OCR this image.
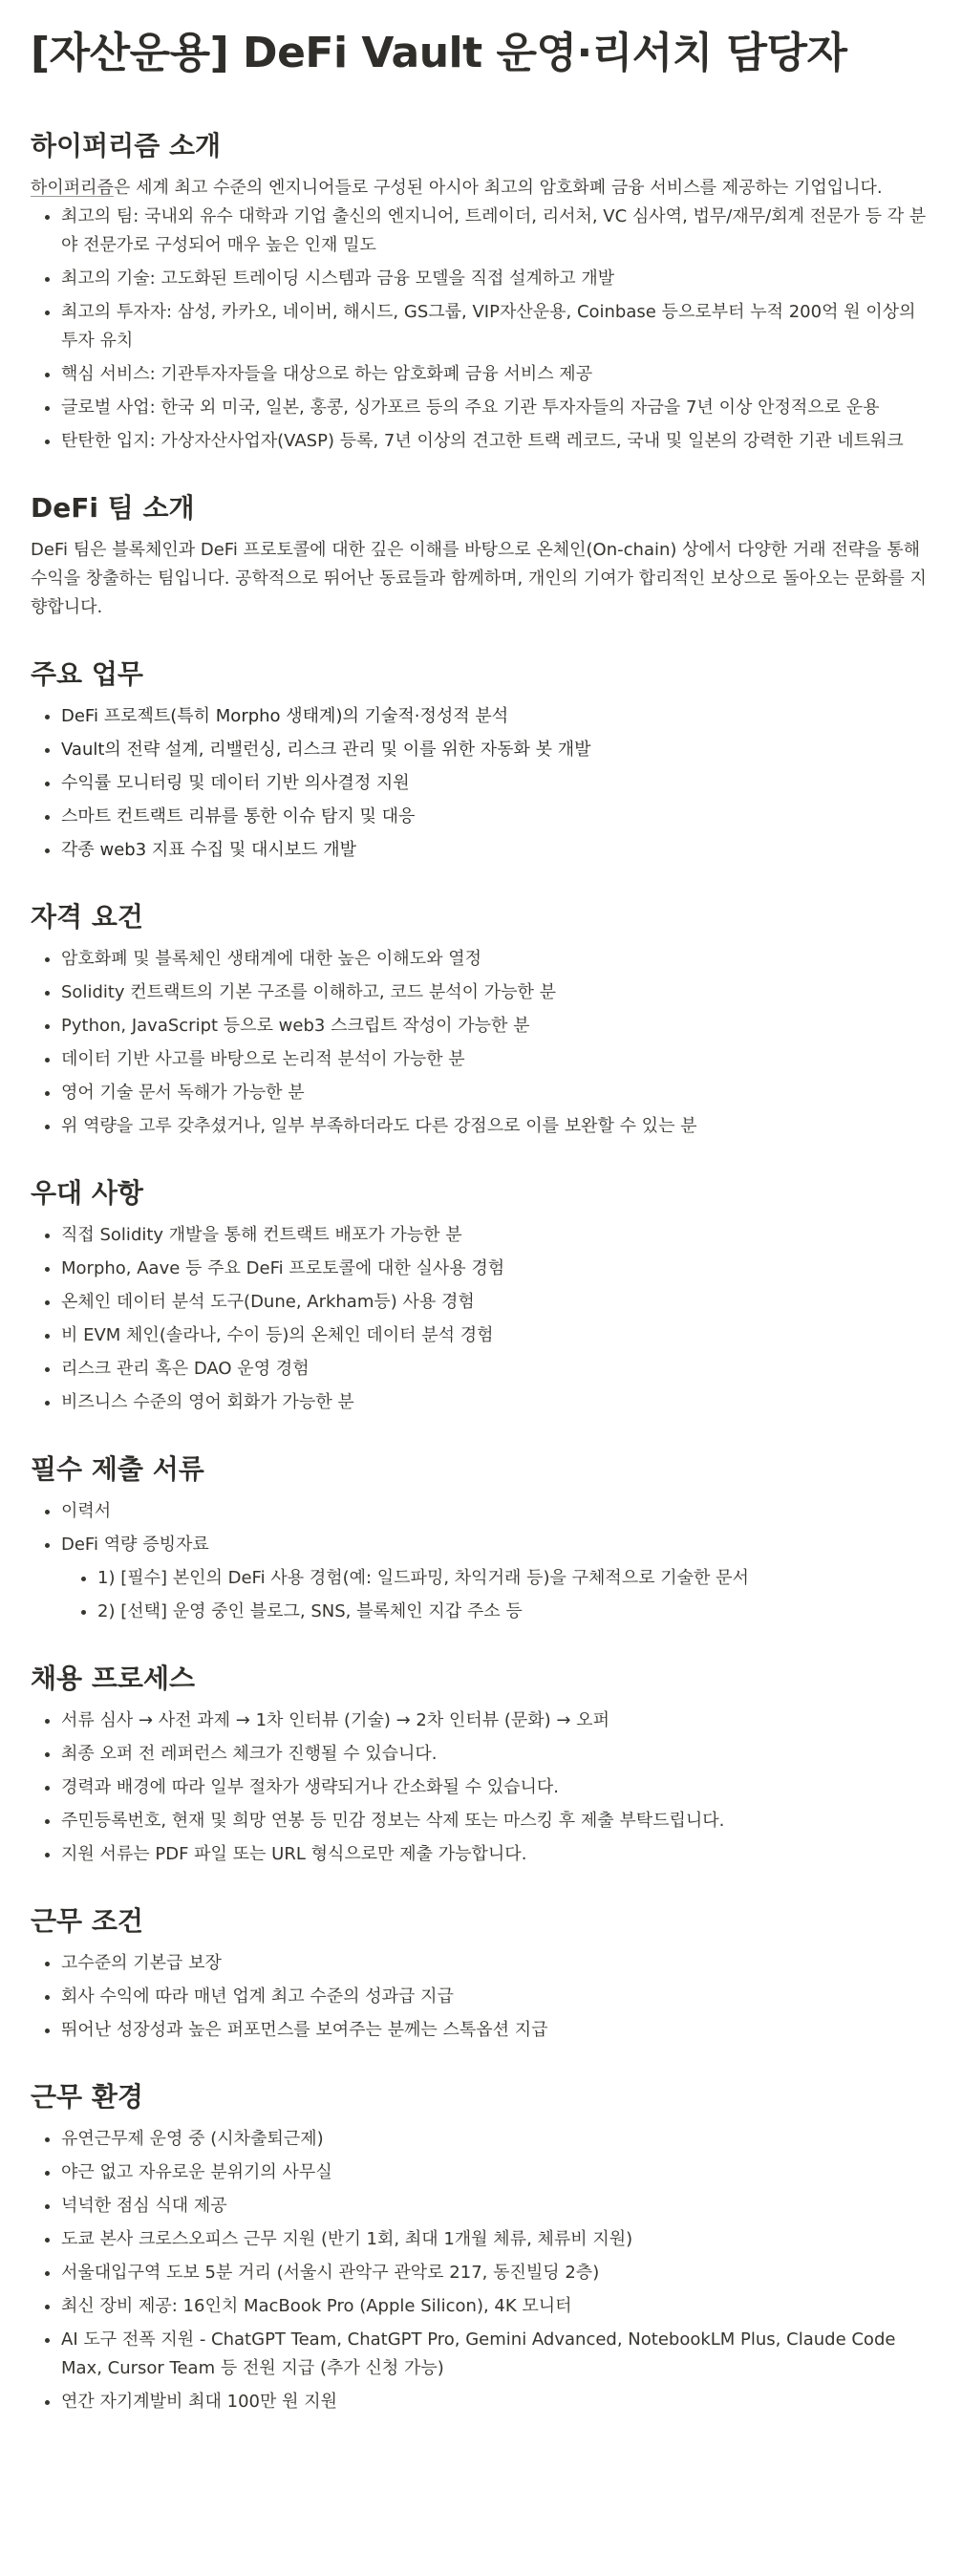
[자산운용] DeFi Vault 운영·리서치 담당자
하이퍼리즘 소개

하이퍼리즘은 세계 최고 수준의 엔지니어들로 구성된 아시아 최고의 암호화폐 금융 서비스를 제공하는 기업입니다.

최고의 팀: 국내외 유수 대학과 기업 출신의 엔지니어, 트레이더, 리서처, VC 심사역, 법무/재무/회계 전문가 등 각 분야 전문가로 구성되어 매우 높은 인재 밀도
최고의 기술: 고도화된 트레이딩 시스템과 금융 모델을 직접 설계하고 개발
최고의 투자자: 삼성, 카카오, 네이버, 해시드, GS그룹, VIP자산운용, Coinbase 등으로부터 누적 200억 원 이상의 투자 유치
핵심 서비스: 기관투자자들을 대상으로 하는 암호화폐 금융 서비스 제공
글로벌 사업: 한국 외 미국, 일본, 홍콩, 싱가포르 등의 주요 기관 투자자들의 자금을 7년 이상 안정적으로 운용
탄탄한 입지: 가상자산사업자(VASP) 등록, 7년 이상의 견고한 트랙 레코드, 국내 및 일본의 강력한 기관 네트워크
DeFi 팀 소개

DeFi 팀은 블록체인과 DeFi 프로토콜에 대한 깊은 이해를 바탕으로 온체인(On-chain) 상에서 다양한 거래 전략을 통해 수익을 창출하는 팀입니다. 공학적으로 뛰어난 동료들과 함께하며, 개인의 기여가 합리적인 보상으로 돌아오는 문화를 지향합니다.

주요 업무
DeFi 프로젝트(특히 Morpho 생태계)의 기술적·정성적 분석
Vault의 전략 설계, 리밸런싱, 리스크 관리 및 이를 위한 자동화 봇 개발
수익률 모니터링 및 데이터 기반 의사결정 지원
스마트 컨트랙트 리뷰를 통한 이슈 탐지 및 대응
각종 web3 지표 수집 및 대시보드 개발
자격 요건
암호화폐 및 블록체인 생태계에 대한 높은 이해도와 열정
Solidity 컨트랙트의 기본 구조를 이해하고, 코드 분석이 가능한 분
Python, JavaScript 등으로 web3 스크립트 작성이 가능한 분
데이터 기반 사고를 바탕으로 논리적 분석이 가능한 분
영어 기술 문서 독해가 가능한 분
위 역량을 고루 갖추셨거나, 일부 부족하더라도 다른 강점으로 이를 보완할 수 있는 분
우대 사항
직접 Solidity 개발을 통해 컨트랙트 배포가 가능한 분
Morpho, Aave 등 주요 DeFi 프로토콜에 대한 실사용 경험
온체인 데이터 분석 도구(Dune, Arkham등) 사용 경험
비 EVM 체인(솔라나, 수이 등)의 온체인 데이터 분석 경험
리스크 관리 혹은 DAO 운영 경험
비즈니스 수준의 영어 회화가 가능한 분
필수 제출 서류
이력서
DeFi 역량 증빙자료
1) [필수] 본인의 DeFi 사용 경험(예: 일드파밍, 차익거래 등)을 구체적으로 기술한 문서
2) [선택] 운영 중인 블로그, SNS, 블록체인 지갑 주소 등
채용 프로세스
서류 심사 → 사전 과제 → 1차 인터뷰 (기술) → 2차 인터뷰 (문화) → 오퍼
최종 오퍼 전 레퍼런스 체크가 진행될 수 있습니다.
경력과 배경에 따라 일부 절차가 생략되거나 간소화될 수 있습니다.
주민등록번호, 현재 및 희망 연봉 등 민감 정보는 삭제 또는 마스킹 후 제출 부탁드립니다.
지원 서류는 PDF 파일 또는 URL 형식으로만 제출 가능합니다.
근무 조건
고수준의 기본급 보장
회사 수익에 따라 매년 업계 최고 수준의 성과급 지급
뛰어난 성장성과 높은 퍼포먼스를 보여주는 분께는 스톡옵션 지급
근무 환경
유연근무제 운영 중 (시차출퇴근제)
야근 없고 자유로운 분위기의 사무실
넉넉한 점심 식대 제공
도쿄 본사 크로스오피스 근무 지원 (반기 1회, 최대 1개월 체류, 체류비 지원)
서울대입구역 도보 5분 거리 (서울시 관악구 관악로 217, 동진빌딩 2층)
최신 장비 제공: 16인치 MacBook Pro (Apple Silicon), 4K 모니터
AI 도구 전폭 지원 - ChatGPT Team, ChatGPT Pro, Gemini Advanced, NotebookLM Plus, Claude Code Max, Cursor Team 등 전원 지급 (추가 신청 가능)
연간 자기계발비 최대 100만 원 지원
